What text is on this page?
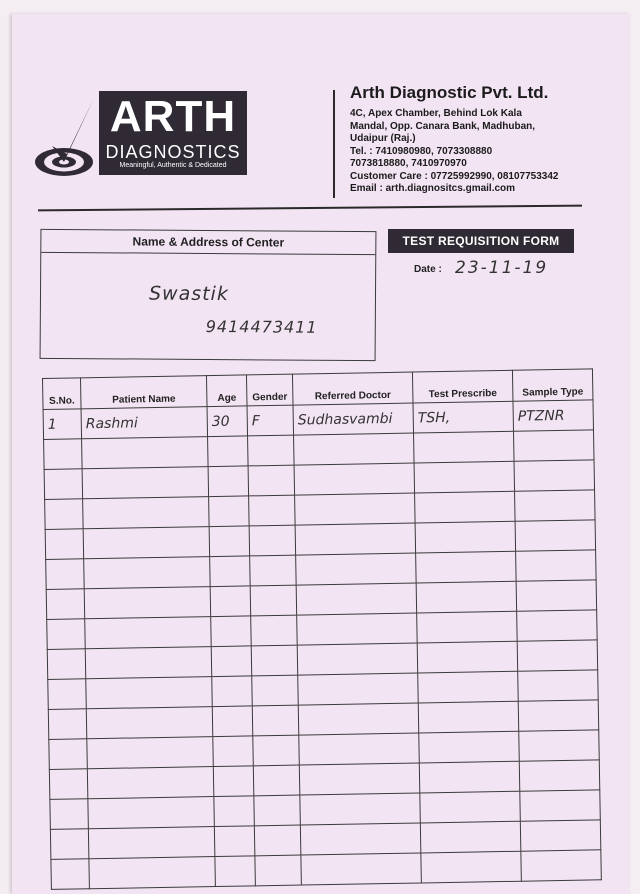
ARTH
DIAGNOSTICS
Meaningful, Authentic & Dedicated
Arth Diagnostic Pvt. Ltd.
4C, Apex Chamber, Behind Lok Kala
Mandal, Opp. Canara Bank, Madhuban,
Udaipur (Raj.)
Tel. : 7410980980, 7073308880
7073818880, 7410970970
Customer Care : 07725992990, 08107753342
Email : arth.diagnositcs.gmail.com
Name & Address of Center
Swastik
9414473411
TEST REQUISITION FORM
Date : 23-11-19
S.No.	Patient Name	Age	Gender	Referred Doctor	Test Prescribe	Sample Type
1	Rashmi	30	F	Sudhasvambi	TSH,	PTZNR
